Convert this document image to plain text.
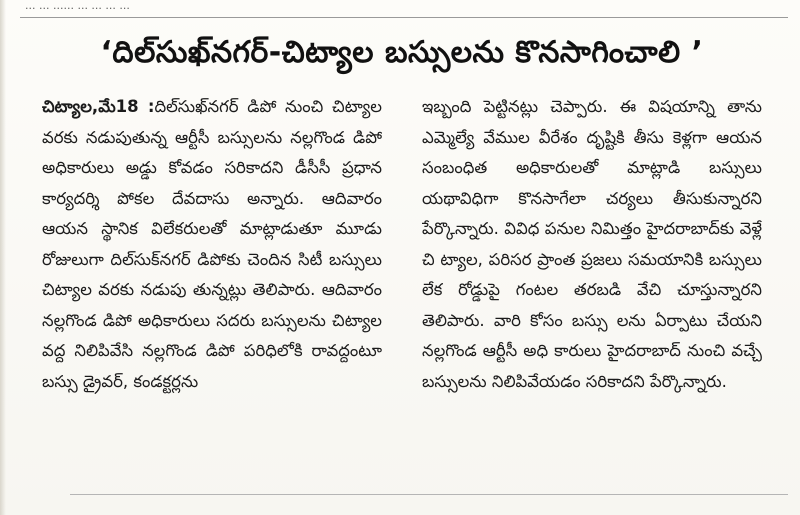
... ... ...... ... ... ... ...
‘దిల్‌సుఖ్‌నగర్‌-చిట్యాల బస్సులను కొనసాగించాలి ’

చిట్యాల,మే18 :దిల్‌సుఖ్‌నగర్ డిపో నుంచి చిట్యాల వరకు నడుపుతున్న ఆర్టీసీ బస్సులను నల్లగొండ డిపో అధికారులు అడ్డు కోవడం సరికాదని డీసీసీ ప్రధాన కార్యదర్శి పోకల దేవదాసు అన్నారు. ఆదివారం ఆయన స్థానిక విలేకరులతో మాట్లాడుతూ మూడు రోజులుగా దిల్‌సుక్‌నగర్ డిపోకు చెందిన సిటీ బస్సులు చిట్యాల వరకు నడుపు తున్నట్లు తెలిపారు. ఆదివారం నల్లగొండ డిపో అధికారులు సదరు బస్సులను చిట్యాల వద్ద నిలిపివేసి నల్లగొండ డిపో పరిధిలోకి రావద్దంటూ బస్సు డ్రైవర్, కండక్టర్లను

ఇబ్బంది పెట్టినట్లు చెప్పారు. ఈ విషయాన్ని తాను ఎమ్మెల్యే వేముల వీరేశం దృష్టికి తీసు కెళ్లగా ఆయన సంబంధిత అధికారులతో మాట్లాడి బస్సులు యథావిధిగా కొనసాగేలా చర్యలు తీసుకున్నారని పేర్కొన్నారు. వివిధ పనుల నిమిత్తం హైదరాబాద్‌కు వెళ్లే చి ట్యాల, పరిసర ప్రాంత ప్రజలు సమయానికి బస్సులు లేక రోడ్డుపై గంటల తరబడి వేచి చూస్తున్నారని తెలిపారు. వారి కోసం బస్సు లను ఏర్పాటు చేయని నల్లగొండ ఆర్టీసీ అధి కారులు హైదరాబాద్ నుంచి వచ్చే బస్సులను నిలిపివేయడం సరికాదని పేర్కొన్నారు.
